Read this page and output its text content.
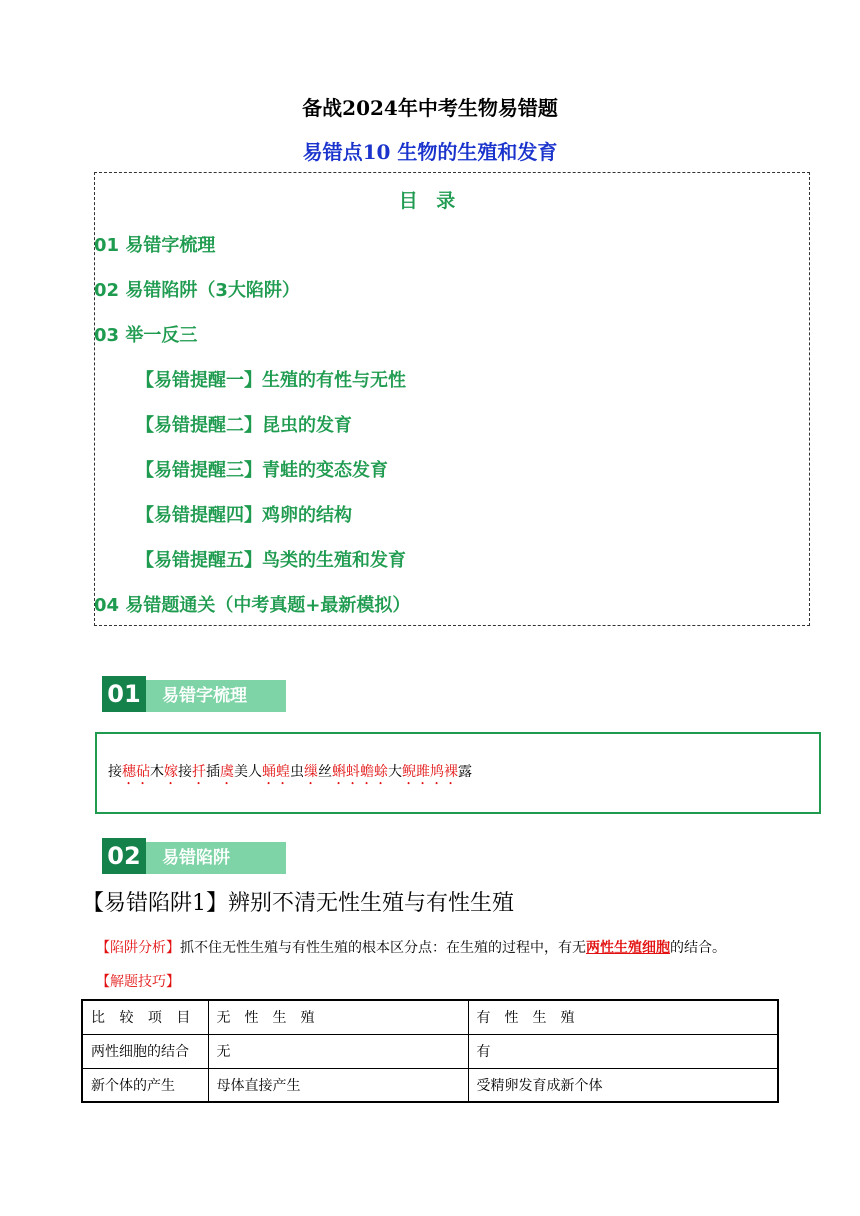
备战2024年中考生物易错题
易错点10 生物的生殖和发育
目 录
01 易错字梳理
02 易错陷阱（3大陷阱）
03 举一反三
【易错提醒一】生殖的有性与无性
【易错提醒二】昆虫的发育
【易错提醒三】青蛙的变态发育
【易错提醒四】鸡卵的结构
【易错提醒五】鸟类的生殖和发育
04 易错题通关（中考真题+最新模拟）
01	易错字梳理
接穗砧木嫁接扦插虞美人蛹蝗虫缫丝蝌蚪蟾蜍大鲵雎鸠裸露
02	易错陷阱
【易错陷阱1】辨别不清无性生殖与有性生殖
【陷阱分析】抓不住无性生殖与有性生殖的根本区分点：在生殖的过程中，有无两性生殖细胞的结合。
【解题技巧】
比 较 项 目	无　性　生　殖	有　性　生　殖
两性细胞的结合	无	有
新个体的产生	母体直接产生	受精卵发育成新个体
